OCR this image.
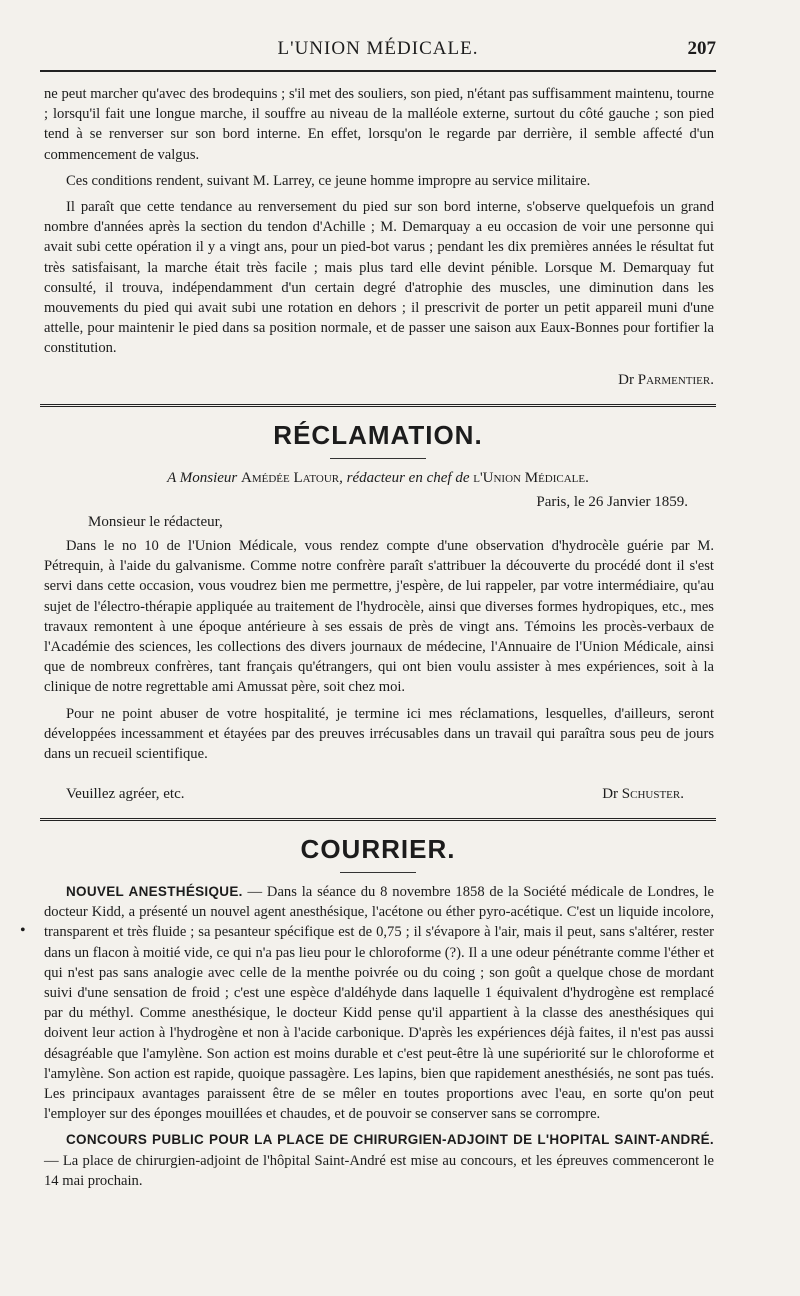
L'UNION MÉDICALE.	207

ne peut marcher qu'avec des brodequins ; s'il met des souliers, son pied, n'étant pas suffisamment maintenu, tourne ; lorsqu'il fait une longue marche, il souffre au niveau de la malléole externe, surtout du côté gauche ; son pied tend à se renverser sur son bord interne. En effet, lorsqu'on le regarde par derrière, il semble affecté d'un commencement de valgus.

Ces conditions rendent, suivant M. Larrey, ce jeune homme impropre au service militaire.

Il paraît que cette tendance au renversement du pied sur son bord interne, s'observe quelquefois un grand nombre d'années après la section du tendon d'Achille ; M. Demarquay a eu occasion de voir une personne qui avait subi cette opération il y a vingt ans, pour un pied-bot varus ; pendant les dix premières années le résultat fut très satisfaisant, la marche était très facile ; mais plus tard elle devint pénible. Lorsque M. Demarquay fut consulté, il trouva, indépendamment d'un certain degré d'atrophie des muscles, une diminution dans les mouvements du pied qui avait subi une rotation en dehors ; il prescrivit de porter un petit appareil muni d'une attelle, pour maintenir le pied dans sa position normale, et de passer une saison aux Eaux-Bonnes pour fortifier la constitution.

Dr Parmentier.
RÉCLAMATION.
A Monsieur Amédée Latour, rédacteur en chef de l'Union Médicale.
Paris, le 26 Janvier 1859.
Monsieur le rédacteur,

Dans le no 10 de l'Union Médicale, vous rendez compte d'une observation d'hydrocèle guérie par M. Pétrequin, à l'aide du galvanisme. Comme notre confrère paraît s'attribuer la découverte du procédé dont il s'est servi dans cette occasion, vous voudrez bien me permettre, j'espère, de lui rappeler, par votre intermédiaire, qu'au sujet de l'électro-thérapie appliquée au traitement de l'hydrocèle, ainsi que diverses formes hydropiques, etc., mes travaux remontent à une époque antérieure à ses essais de près de vingt ans. Témoins les procès-verbaux de l'Académie des sciences, les collections des divers journaux de médecine, l'Annuaire de l'Union Médicale, ainsi que de nombreux confrères, tant français qu'étrangers, qui ont bien voulu assister à mes expériences, soit à la clinique de notre regrettable ami Amussat père, soit chez moi.

Pour ne point abuser de votre hospitalité, je termine ici mes réclamations, lesquelles, d'ailleurs, seront développées incessamment et étayées par des preuves irrécusables dans un travail qui paraîtra sous peu de jours dans un recueil scientifique.

Veuillez agréer, etc.	Dr Schuster.
COURRIER.
•

NOUVEL ANESTHÉSIQUE. — Dans la séance du 8 novembre 1858 de la Société médicale de Londres, le docteur Kidd, a présenté un nouvel agent anesthésique, l'acétone ou éther pyro-acétique. C'est un liquide incolore, transparent et très fluide ; sa pesanteur spécifique est de 0,75 ; il s'évapore à l'air, mais il peut, sans s'altérer, rester dans un flacon à moitié vide, ce qui n'a pas lieu pour le chloroforme (?). Il a une odeur pénétrante comme l'éther et qui n'est pas sans analogie avec celle de la menthe poivrée ou du coing ; son goût a quelque chose de mordant suivi d'une sensation de froid ; c'est une espèce d'aldéhyde dans laquelle 1 équivalent d'hydrogène est remplacé par du méthyl. Comme anesthésique, le docteur Kidd pense qu'il appartient à la classe des anesthésiques qui doivent leur action à l'hydrogène et non à l'acide carbonique. D'après les expériences déjà faites, il n'est pas aussi désagréable que l'amylène. Son action est moins durable et c'est peut-être là une supériorité sur le chloroforme et l'amylène. Son action est rapide, quoique passagère. Les lapins, bien que rapidement anesthésiés, ne sont pas tués. Les principaux avantages paraissent être de se mêler en toutes proportions avec l'eau, en sorte qu'on peut l'employer sur des éponges mouillées et chaudes, et de pouvoir se conserver sans se corrompre.

CONCOURS PUBLIC POUR LA PLACE DE CHIRURGIEN-ADJOINT DE L'HOPITAL SAINT-ANDRÉ. — La place de chirurgien-adjoint de l'hôpital Saint-André est mise au concours, et les épreuves commenceront le 14 mai prochain.
